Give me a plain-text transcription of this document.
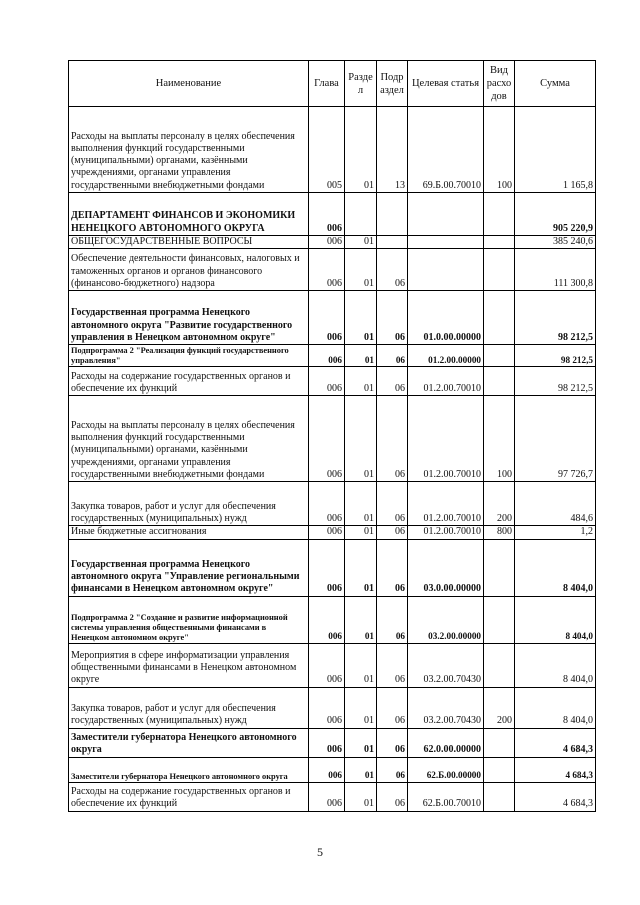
Наименование	Глава	Разде л	Подр аздел	Целевая статья	Вид расхо дов	Сумма
Расходы на выплаты персоналу в целях обеспечения выполнения функций государственными (муниципальными) органами, казёнными учреждениями, органами управления государственными внебюджетными фондами	005	01	13	69.Б.00.70010	100	1 165,8
ДЕПАРТАМЕНТ ФИНАНСОВ И ЭКОНОМИКИ НЕНЕЦКОГО АВТОНОМНОГО ОКРУГА	006					905 220,9
ОБЩЕГОСУДАРСТВЕННЫЕ ВОПРОСЫ	006	01				385 240,6
Обеспечение деятельности финансовых, налоговых и таможенных органов и органов финансового (финансово-бюджетного) надзора	006	01	06			111 300,8
Государственная программа Ненецкого автономного округа "Развитие государственного управления в Ненецком автономном округе"	006	01	06	01.0.00.00000		98 212,5
Подпрограмма 2 "Реализация функций государственного управления"	006	01	06	01.2.00.00000		98 212,5
Расходы на содержание государственных органов и обеспечение их функций	006	01	06	01.2.00.70010		98 212,5
Расходы на выплаты персоналу в целях обеспечения выполнения функций государственными (муниципальными) органами, казёнными учреждениями, органами управления государственными внебюджетными фондами	006	01	06	01.2.00.70010	100	97 726,7
Закупка товаров, работ и услуг для обеспечения государственных (муниципальных) нужд	006	01	06	01.2.00.70010	200	484,6
Иные бюджетные ассигнования	006	01	06	01.2.00.70010	800	1,2
Государственная программа Ненецкого автономного округа "Управление региональными финансами в Ненецком автономном округе"	006	01	06	03.0.00.00000		8 404,0
Подпрограмма 2 "Создание и развитие информационной системы управления общественными финансами в Ненецком автономном округе"	006	01	06	03.2.00.00000		8 404,0
Мероприятия в сфере информатизации управления общественными финансами в Ненецком автономном округе	006	01	06	03.2.00.70430		8 404,0
Закупка товаров, работ и услуг для обеспечения государственных (муниципальных) нужд	006	01	06	03.2.00.70430	200	8 404,0
Заместители губернатора Ненецкого автономного округа	006	01	06	62.0.00.00000		4 684,3
Заместители губернатора Ненецкого автономного округа	006	01	06	62.Б.00.00000		4 684,3
Расходы на содержание государственных органов и обеспечение их функций	006	01	06	62.Б.00.70010		4 684,3
5
